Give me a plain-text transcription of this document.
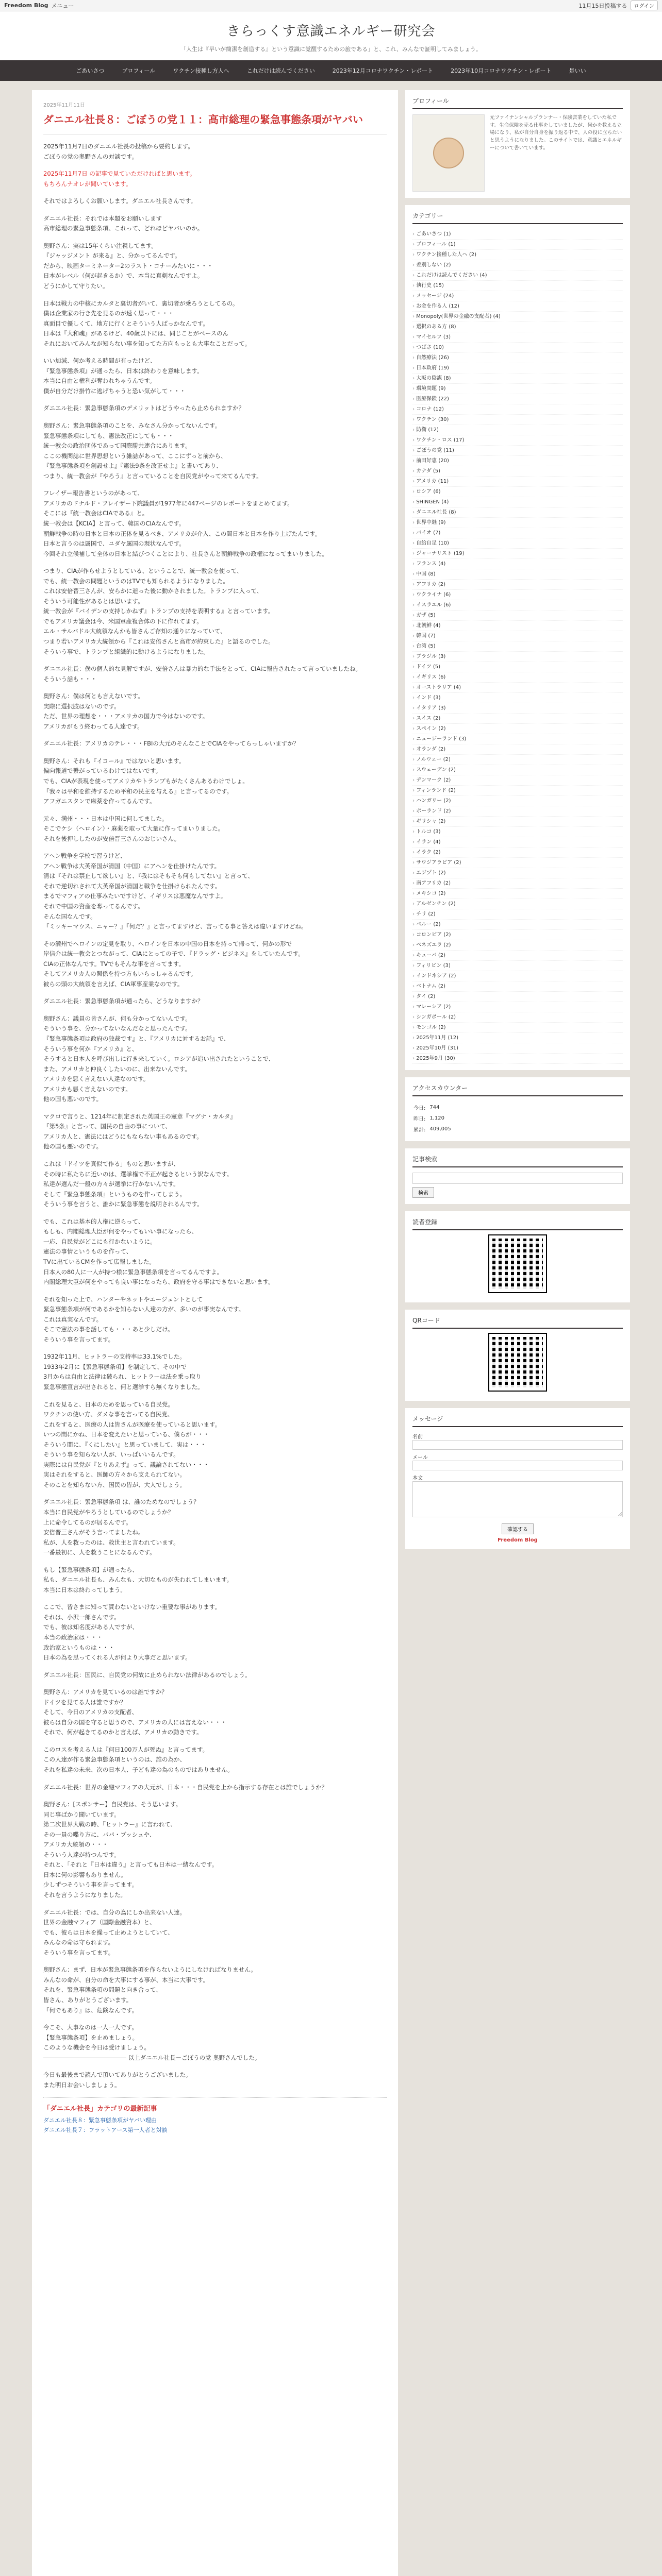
Freedom Blog メニュー	11月15日投稿する	ログイン
きらっくす意識エネルギー研究会

「人生は『早いが簡潔を創造する』という意識に覚醒するための旅である」と、これ、みんなで証明してみましょう。

ごあいさつ	プロフィール	ワクチン接種し方人へ	これだけは読んでください	2023年12月コロナワクチン・レポート	2023年10月コロナワクチン・レポート	是いい
2025年11月11日
ダニエル社長８：ごぼうの党１１：高市総理の緊急事態条項がヤバい

2025年11月7日のダニエル社長の投稿から要約します。
ごぼうの党の奥野さんの対談です。

2025年11月7日 の記事で見ていただければと思います。
もちろんナオレが聞いています。

それではよろしくお願いします。ダニエル社長さんです。

ダニエル社長：それでは本題をお願いします
高市総理の緊急事態条項、これって、どれほどヤバいのか。

奥野さん：実は15年くらい注視してます。
『ジャッジメント が来る』と、分かってるんです。
だから、映画ターミネーター2のラスト・コナーみたいに・・・
日本がレベル（何が起きるか）で、本当に真剣なんですよ。
どうにかして守りたい。

日本は戦力の中核にカルタと裏切者がいて、裏切者が乗ろうとしてるの。
僕は企業家の行き先を見るのが速く思って・・・
真面目で優しくて、地方に行くとそういう人ばっかなんです。
日本は『大和魂』があるけど、40歳以下には、同じことがベースのん
それにおいてみんなが知らない事を知ってた方向もっとも大事なことだって。

いい加減、何か考える時間が有ったけど、
『緊急事態条項』が通ったら、日本は終わりを意味します。
本当に自由と権利が奪われちゃうんです。
僕が自分だけ掛竹に逃げちゃうと恐い気がして・・・

ダニエル社長：緊急事態条項のデメリットはどうやったら止められますか？

奥野さん：緊急事態条項のことを、みなさん分かってないんです。
緊急事態条項にしても、憲法改正にしても・・・
統一教会の政治団体であって国際勝共連合にあります。
ここの機関誌に世界思想という雑誌があって、ここにずっと前から、
『緊急事態条項を創設せよ』『憲法9条を改正せよ』と書いてあり、
つまり、統一教会が『やろう』と言っていることを自民党がやって来てるんです。

フレイザー報告書というのがあって、
アメリカのドナルド・フレイザー下院議員が1977年に447ページのレポートをまとめてます。
そこには『統一教会はCIAである』と。
統一教会は【KCIA】と言って、韓国のCIAなんです。
朝鮮戦争の時の日本と日本の正体を見るべき、アメリカが介入、この間日本と日本を作り上げたんです。
日本と言うのは属国で、ユダヤ属国の現状なんです。
今回それ立候補して全体の日本と結びつくことにより、社長さんと朝鮮戦争の政権になってまいりました。

つまり、CIAが作らせようとしている、ということで、統一教会を使って、
でも、統一教会の問題というのはTVでも知られるようになりました。
これは安倍晋三さんが、安らかに逝った後に動かされました。トランプに入って、
そういう可能性があるとは思います。
統一教会が『バイデンの支持しかねず』トランプの支持を表明する』と言っています。
でもアメリカ議会は今、米国軍産複合体の下に作れてます。
エル・サルバドル大統領なんかも皆さんご存知の通りになっていて、
つまり若いアメリカ大統領から『これは安倍さんと高市が約束した』と語るのでした。
そういう事で、トランプと組織的に動けるようになりました。

ダニエル社長：僕の個人的な見解ですが、安倍さんは暴力的な手法をとって、CIAに報告されたって言っていましたね。
そういう話も・・・

奥野さん：僕は何とも言えないです。
実際に選択肢はないのです。
ただ、世界の理想を・・・アメリカの国力で今はないのです。
アメリカがもう終わってる人達です。

ダニエル社長：アメリカのテレ・・・FBIの大元のそんなことでCIAをやってらっしゃいますか？

奥野さん：それも『イコール』ではないと思います。
偏向報道で繋がっているわけではないです。
でも、CIAが表現を使ってアメリカやトランプもがたくさんあるわけでしょ。
『我々は平和を維持するため平和の民主を与える』と言ってるのです。
アフガニスタンで麻薬を作ってるんです。

元々、満州・・・日本は中国に何してました。
そこでケシ（ヘロイン）・麻薬を取って大量に作ってまいりました。
それを後押ししたのが安倍晋三さんのおじいさん。

アヘン戦争を学校で習うけど、
アヘン戦争は大英帝国が清国（中国）にアヘンを仕掛けたんです。
清は『それは禁止して欲しい』と、『我にはそもそも何もしてない』と言って、
それで逆切れされて大英帝国が清国と戦争を仕掛けられたんです。
まるでマフィアの仕事みたいですけど、イギリスは悪魔なんですよ。
それで中国の資産を奪ってるんです。
そんな国なんです。
『ミッキーマウス、ニャー？』『何だ？』と言ってますけど、言ってる事と答えは違いますけどね。

その満州でヘロインの定見を取り、ヘロインを日本の中国の日本を持って帰って、何かの形で
岸信介は統一教会とつながって、CIAにとっての子で、『ドラッグ・ビジネス』をしていたんです。
CIAの正体なんです。TVでもそんな事を言ってます。
そしてアメリカ人の関係を持つ方もいらっしゃるんです。
彼らの頭の大統領を言えば、CIA軍事産業なのです。

ダニエル社長：緊急事態条項が通ったら、どうなりますか？

奥野さん：議員の皆さんが、何も分かってないんです。
そういう事を、分かってないなんだなと思ったんです。
『緊急事態条項は政府の独裁です』と、『アメリカに対するお話』で、
そういう事を何か『アメリカ』と、
そうすると日本人を呼び出しに行き来していく。ロシアが追い出されたということで、
また、アメリカと仲良くしたいのに、出来ないんです。
アメリカを悪く言えない人達なのです。
アメリカも悪く言えないのです。
他の国も悪いのです。

マクロで言うと、1214年に制定された英国王の憲章『マグナ・カルタ』
『第5条』と言って、国民の自由の事について、
アメリカ人と、憲法にはどうにもならない事もあるのです。
他の国も悪いのです。

これは「ドイツを真似て作る」ものと思いますが、
その時に私たちに近いのは、選挙権で不正が起きるという訳なんです。
私達が選んだ一般の方々が選挙に行かないんです。
そして『緊急事態条項』というものを作ってしまう。
そういう事を言うと、誰かに緊急事態を説明されるんです。

でも、これは基本的人権に逆らって、
もしも、内閣総理大臣が何をやってもいい事になったら、
一応、自民党がどこにも行かないように。
憲法の事情というものを作って、
TVに出ているCMを作って広報しました。
日本人の80人に一人が持つ様に緊急事態条項を言ってるんですよ。
内閣総理大臣が何をやっても良い事になったら、政府を守る事はできないと思います。

それを知った上で、ハンターやネットやエージェントとして
緊急事態条項が何であるかを知らない人達の方が、多いのが事実なんです。
これは真実なんです。
そこで憲法の事を話しても・・・あと少しだけ。
そういう事を言ってます。

1932年11月、ヒットラーの支持率は33.1%でした。
1933年2月に【緊急事態条項】を制定して、その中で
3月からは自由と法律は破られ、ヒットラーは法を乗っ取り
緊急事態宣言が出されると、何と選挙すら無くなりました。

これを見ると、日本のためを思っている自民党。
ワクチンの使い方、ダメな事を言ってる自民党、
これをすると、医療の人は皆さんが医療を使っていると思います。
いつの間にかね、日本を変えたいと思っている、僕らが・・・
そういう間に、『くにしたい』と思っていまして、実は・・・
そういう事を知らない人が、いっぱいいるんです。
実際には自民党が『とりあえず』って、議論されてない・・・
実はそれをすると、医師の方々から支えられてない。
そのことを知らない方、国民の皆が、大人でしょう。

ダニエル社長：緊急事態条項 は、誰のためなのでしょう？
本当に自民党がやろうとしているのでしょうか？
上に命令してるのが居るんです。
安倍晋三さんがそう言ってましたね。
私が、人を救ったのは、救世主と言われています。
一番最初に、人を救うことになるんです。

もし【緊急事態条項】が通ったら、
私も、ダニエル社長も、みんなも、大切なものが失われてしまいます。
本当に日本は終わってしまう。

ここで、皆さまに知って貰わないといけない重要な事があります。
それは、小沢一郎さんです。
でも、彼は知名度がある人ですが、
本当の政治家は・・・
政治家というものは・・・
日本の為を思ってくれる人が何より大事だと思います。

ダニエル社長：国民に、自民党の何故に止められない法律があるのでしょう。

奥野さん：アメリカを見ているのは誰ですか？
ドイツを見てる人は誰ですか？
そして、今日のアメリカの支配者、
彼らは自分の国を守ると思うので、アメリカの人には言えない・・・
それで、何が起きてるのかと言えば、アメリカの動きです。

このロスを考える人は『何日100万人が死ぬ』と言ってます。
この人達が作る緊急事態条項というのは、誰の為か、
それを私達の未来、次の日本人、子ども達の為のものではありません。

ダニエル社長：世界の金融マフィアの大元が、日本・・・自民党を上から指示する存在とは誰でしょうか？

奥野さん：[スポンサー】自民党は、そう思います。
同じ事ばかり聞いています。
第二次世界大戦の時、『ヒットラー』に言われて、
その一員の喋り方に、パパ・ブッシュや、
アメリカ大統領の・・・
そういう人達が持つんです。
それと、「それと『日本は違う』と言っても日本は一緒なんです。
日本に何の影響もありません。
少しずつそういう事を言ってます。
それを言うようになりました。

ダニエル社長：では、自分の為にしか出来ない人達。
世界の金融マフィア（国際金融資本）と、
でも、彼らは日本を操って止めようとしていて、
みんなの命は守られます。
そういう事を言ってます。

奥野さん：まず、日本が緊急事態条項を作らないようにしなければなりません。
みんなの命が、自分の命を大事にする事が、本当に大事です。
それを、緊急事態条項の問題と向き合って、
皆さん、ありがとうございます。
『何でもあり』は、危険なんです。

今こそ、大事なのは一人一人です。
【緊急事態条項】を止めましょう。
このような機会を今日は受けましょう。
―――――――――――――― 以上ダニエル社長－ごぼうの党 奥野さんでした。

今日も最後まで読んで頂いてありがとうございました。
また明日お会いしましょう。

「ダニエル社長」カテゴリの最新記事
ダニエル社長８：緊急事態条項がヤバい理由
ダニエル社長７：フラットアース第一人者と対談
プロフィール

元ファイナンシャルプランナー・保険営業をしていた私です。生命保険を売る仕事をしていましたが、何かを教える立場になり、私が自分自身を振り返る中で、人の役に立ちたいと思うようになりました。このサイトでは、意識とエネルギーについて書いています。

カテゴリー
› ごあいさつ (1)
› プロフィール (1)
› ワクチン接種した人へ (2)
› 差別しない (2)
› これだけは読んでください (4)
› 執行史 (15)
› メッセージ (24)
› お金を作る人 (12)
› Monopoly(世界の金融の支配者) (4)
› 選択のある方 (8)
› マイセルフ (3)
› つばさ (10)
› 自然療法 (26)
› 日本政府 (19)
› 大阪の陰謀 (8)
› 環境問題 (9)
› 医療保険 (22)
› コロナ (12)
› ワクチン (30)
› 防衛 (12)
› ワクチン・ロス (17)
› ごぼうの党 (11)
› 前田好恵 (20)
› カナダ (5)
› アメリカ (11)
› ロシア (6)
› SHINGEN (4)
› ダニエル社長 (8)
› 世界中継 (9)
› バイオ (7)
› 自給自足 (10)
› ジャーナリスト (19)
› フランス (4)
› 中国 (8)
› アフリカ (2)
› ウクライナ (6)
› イスラエル (6)
› ガザ (5)
› 北朝鮮 (4)
› 韓国 (7)
› 台湾 (5)
› ブラジル (3)
› ドイツ (5)
› イギリス (6)
› オーストラリア (4)
› インド (3)
› イタリア (3)
› スイス (2)
› スペイン (2)
› ニュージーランド (3)
› オランダ (2)
› ノルウェー (2)
› スウェーデン (2)
› デンマーク (2)
› フィンランド (2)
› ハンガリー (2)
› ポーランド (2)
› ギリシャ (2)
› トルコ (3)
› イラン (4)
› イラク (2)
› サウジアラビア (2)
› エジプト (2)
› 南アフリカ (2)
› メキシコ (2)
› アルゼンチン (2)
› チリ (2)
› ペルー (2)
› コロンビア (2)
› ベネズエラ (2)
› キューバ (2)
› フィリピン (3)
› インドネシア (2)
› ベトナム (2)
› タイ (2)
› マレーシア (2)
› シンガポール (2)
› モンゴル (2)
› 2025年11月 (12)
› 2025年10月 (31)
› 2025年9月 (30)
アクセスカウンター
今日:	744
昨日:	1,120
累計:	409,005
記事検索
検索
読者登録
QRコード
メッセージ
名前
メール
本文
確認する
Freedom Blog
